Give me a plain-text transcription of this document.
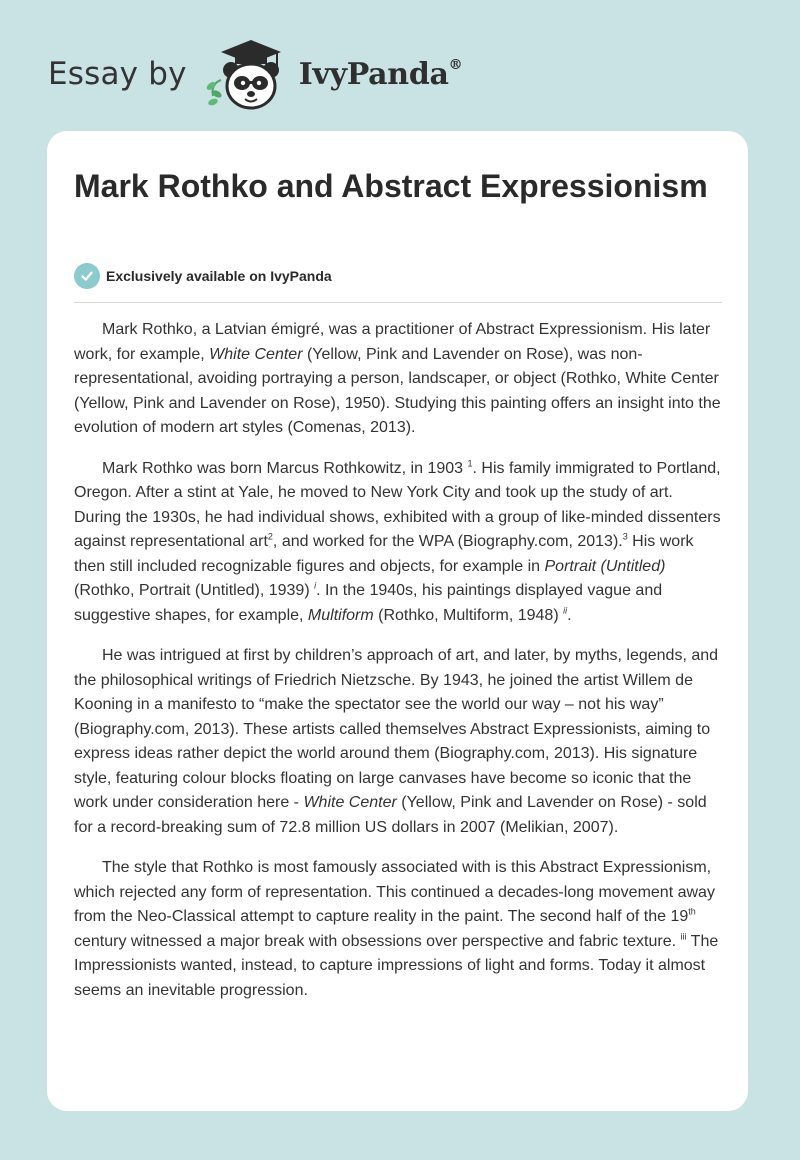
Essay by	IvyPanda®
Mark Rothko and Abstract Expressionism
Exclusively available on IvyPanda

Mark Rothko, a Latvian émigré, was a practitioner of Abstract Expressionism. His later work, for example, White Center (Yellow, Pink and Lavender on Rose), was non-representational, avoiding portraying a person, landscaper, or object (Rothko, White Center (Yellow, Pink and Lavender on Rose), 1950). Studying this painting offers an insight into the evolution of modern art styles (Comenas, 2013).

Mark Rothko was born Marcus Rothkowitz, in 1903 $^1$. His family immigrated to Portland, Oregon. After a stint at Yale, he moved to New York City and took up the study of art. During the 1930s, he had individual shows, exhibited with a group of like-minded dissenters against representational art$^2$, and worked for the WPA (Biography.com, 2013).$^3$ His work then still included recognizable figures and objects, for example in Portrait (Untitled) (Rothko, Portrait (Untitled), 1939) $^i$. In the 1940s, his paintings displayed vague and suggestive shapes, for example, Multiform (Rothko, Multiform, 1948) $^{ii}$.

He was intrigued at first by children’s approach of art, and later, by myths, legends, and the philosophical writings of Friedrich Nietzsche. By 1943, he joined the artist Willem de Kooning in a manifesto to “make the spectator see the world our way – not his way” (Biography.com, 2013). These artists called themselves Abstract Expressionists, aiming to express ideas rather depict the world around them (Biography.com, 2013). His signature style, featuring colour blocks floating on large canvases have become so iconic that the work under consideration here - White Center (Yellow, Pink and Lavender on Rose) - sold for a record-breaking sum of 72.8 million US dollars in 2007 (Melikian, 2007).

The style that Rothko is most famously associated with is this Abstract Expressionism, which rejected any form of representation. This continued a decades-long movement away from the Neo-Classical attempt to capture reality in the paint. The second half of the 19th century witnessed a major break with obsessions over perspective and fabric texture. $^{iii}$ The Impressionists wanted, instead, to capture impressions of light and forms. Today it almost seems an inevitable progression.
